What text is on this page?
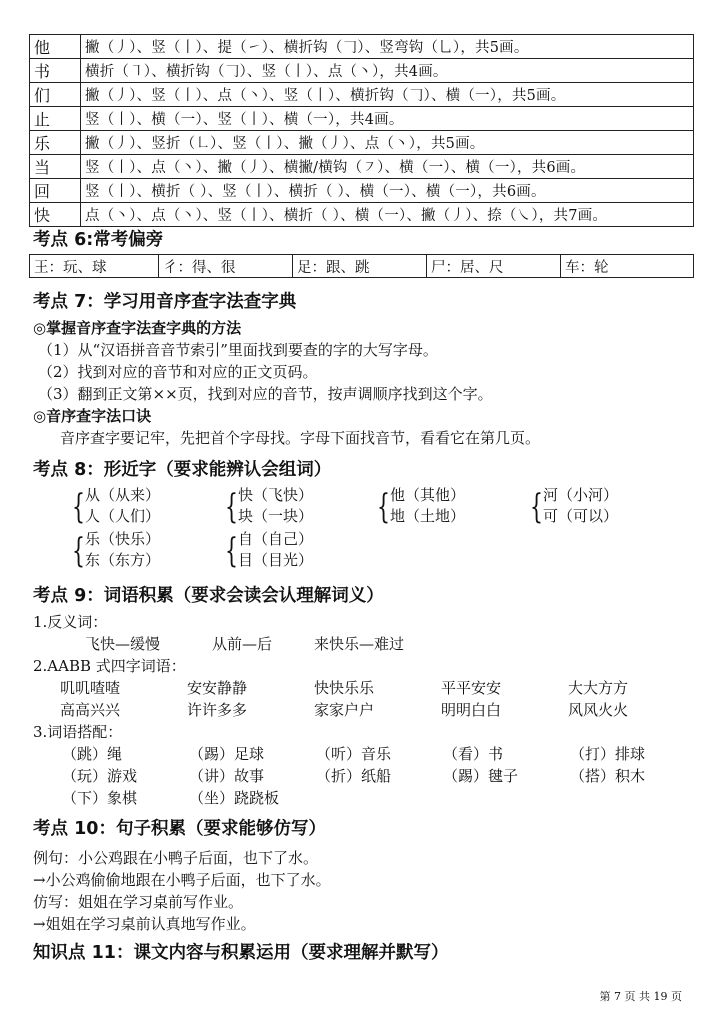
他	撇（丿）、竖（丨）、提（㇀）、横折钩（𠃌）、竖弯钩（乚），共5画。
书	横折（㇕）、横折钩（𠃌）、竖（丨）、点（丶），共4画。
们	撇（丿）、竖（丨）、点（丶）、竖（丨）、横折钩（𠃌）、横（一），共5画。
止	竖（丨）、横（一）、竖（丨）、横（一），共4画。
乐	撇（丿）、竖折（㇗）、竖（丨）、撇（丿）、点（丶），共5画。
当	竖（丨）、点（丶）、撇（丿）、横撇/横钩（㇇）、横（一）、横（一），共6画。
回	竖（丨）、横折（ ）、竖（丨）、横折（ ）、横（一）、横（一），共6画。
快	点（丶）、点（丶）、竖（丨）、横折（ ）、横（一）、撇（丿）、捺（㇏），共7画。
考点 6:常考偏旁
王：玩、球	彳：得、很	足：跟、跳	尸：居、尺	车：轮
考点 7：学习用音序查字法查字典
◎掌握音序查字法查字典的方法
（1）从“汉语拼音音节索引”里面找到要查的字的大写字母。
（2）找到对应的音节和对应的正文页码。
（3）翻到正文第××页，找到对应的音节，按声调顺序找到这个字。
◎音序查字法口诀
音序查字要记牢，先把首个字母找。字母下面找音节，看看它在第几页。
考点 8：形近字（要求能辨认会组词）
{ 从（从来）
人（人们） { 快（飞快）
块（一块） { 他（其他）
地（土地） { 河（小河）
可（可以）
{ 乐（快乐）
东（东方） { 自（自己）
目（目光）
考点 9：词语积累（要求会读会认理解词义）
1.反义词：
飞快—缓慢	从前—后	来快乐—难过
2.AABB 式四字词语：
叽叽喳喳	安安静静	快快乐乐	平平安安	大大方方
高高兴兴	许许多多	家家户户	明明白白	风风火火
3.词语搭配：
（跳）绳	（踢）足球	（听）音乐	（看）书	（打）排球
（玩）游戏	（讲）故事	（折）纸船	（踢）毽子	（搭）积木
（下）象棋	（坐）跷跷板
考点 10：句子积累（要求能够仿写）
例句：小公鸡跟在小鸭子后面，也下了水。
→小公鸡偷偷地跟在小鸭子后面，也下了水。
仿写：姐姐在学习桌前写作业。
→姐姐在学习桌前认真地写作业。
知识点 11：课文内容与积累运用（要求理解并默写）
第 7 页 共 19 页
